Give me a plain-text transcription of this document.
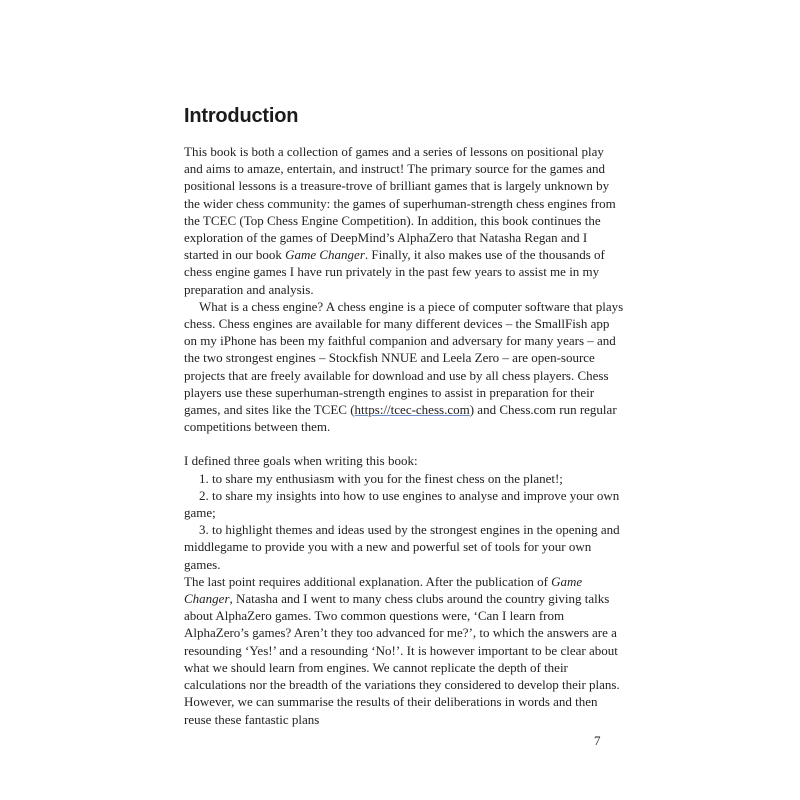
Introduction

This book is both a collection of games and a series of lessons on positional play and aims to amaze, entertain, and instruct! The primary source for the games and positional lessons is a treasure-trove of brilliant games that is largely unknown by the wider chess community: the games of superhuman-strength chess engines from the TCEC (Top Chess Engine Competition). In addition, this book continues the exploration of the games of DeepMind’s AlphaZero that Natasha Regan and I started in our book Game Changer. Finally, it also makes use of the thousands of chess engine games I have run privately in the past few years to assist me in my preparation and analysis.

What is a chess engine? A chess engine is a piece of computer software that plays chess. Chess engines are available for many different devices – the SmallFish app on my iPhone has been my faithful companion and adversary for many years – and the two strongest engines – Stockfish NNUE and Leela Zero – are open-source projects that are freely available for download and use by all chess players. Chess players use these superhuman-strength engines to assist in preparation for their games, and sites like the TCEC (https://tcec-chess.com) and Chess.com run regular competitions between them.

I defined three goals when writing this book:

1. to share my enthusiasm with you for the finest chess on the planet!;

2. to share my insights into how to use engines to analyse and improve your own game;

3. to highlight themes and ideas used by the strongest engines in the opening and middlegame to provide you with a new and powerful set of tools for your own games.

The last point requires additional explanation. After the publication of Game Changer, Natasha and I went to many chess clubs around the country giving talks about AlphaZero games. Two common questions were, ‘Can I learn from AlphaZero’s games? Aren’t they too advanced for me?’, to which the answers are a resounding ‘Yes!’ and a resounding ‘No!’. It is however important to be clear about what we should learn from engines. We cannot replicate the depth of their calculations nor the breadth of the variations they considered to develop their plans. However, we can summarise the results of their deliberations in words and then reuse these fantastic plans

7
